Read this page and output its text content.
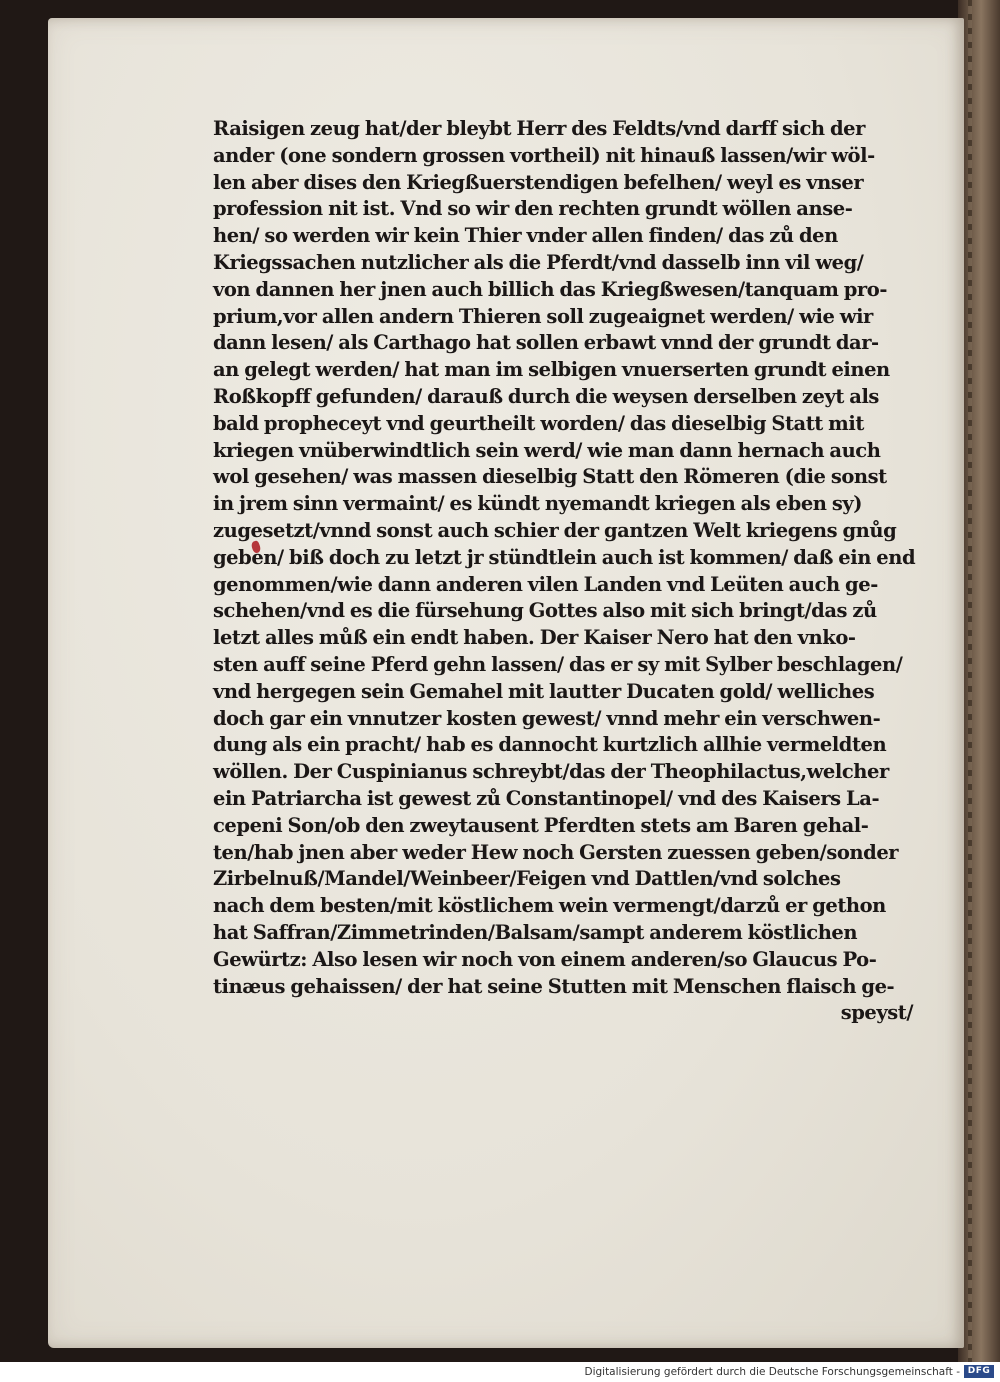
Raisigen zeug hat/der bleybt Herr des Feldts/vnd darff sich der
ander (one sondern grossen vortheil) nit hinauß lassen/wir wöl-
len aber dises den Kriegßuerstendigen befelhen/ weyl es vnser
profession nit ist. Vnd so wir den rechten grundt wöllen anse-
hen/ so werden wir kein Thier vnder allen finden/ das zů den
Kriegssachen nutzlicher als die Pferdt/vnd dasselb inn vil weg/
von dannen her jnen auch billich das Kriegßwesen/tanquam pro-
prium,vor allen andern Thieren soll zugeaignet werden/ wie wir
dann lesen/ als Carthago hat sollen erbawt vnnd der grundt dar-
an gelegt werden/ hat man im selbigen vnuerserten grundt einen
Roßkopff gefunden/ darauß durch die weysen derselben zeyt als
bald propheceyt vnd geurtheilt worden/ das dieselbig Statt mit
kriegen vnüberwindtlich sein werd/ wie man dann hernach auch
wol gesehen/ was massen dieselbig Statt den Römeren (die sonst
in jrem sinn vermaint/ es kündt nyemandt kriegen als eben sy)
zugesetzt/vnnd sonst auch schier der gantzen Welt kriegens gnůg
geben/ biß doch zu letzt jr stündtlein auch ist kommen/ daß ein end
genommen/wie dann anderen vilen Landen vnd Leüten auch ge-
schehen/vnd es die fürsehung Gottes also mit sich bringt/das zů
letzt alles můß ein endt haben. Der Kaiser Nero hat den vnko-
sten auff seine Pferd gehn lassen/ das er sy mit Sylber beschlagen/
vnd hergegen sein Gemahel mit lautter Ducaten gold/ welliches
doch gar ein vnnutzer kosten gewest/ vnnd mehr ein verschwen-
dung als ein pracht/ hab es dannocht kurtzlich allhie vermeldten
wöllen. Der Cuspinianus schreybt/das der Theophilactus,welcher
ein Patriarcha ist gewest zů Constantinopel/ vnd des Kaisers La-
cepeni Son/ob den zweytausent Pferdten stets am Baren gehal-
ten/hab jnen aber weder Hew noch Gersten zuessen geben/sonder
Zirbelnuß/Mandel/Weinbeer/Feigen vnd Dattlen/vnd solches
nach dem besten/mit köstlichem wein vermengt/darzů er gethon
hat Saffran/Zimmetrinden/Balsam/sampt anderem köstlichen
Gewürtz: Also lesen wir noch von einem anderen/so Glaucus Po-
tinæus gehaissen/ der hat seine Stutten mit Menschen flaisch ge-
speyst/
Digitalisierung gefördert durch die Deutsche Forschungsgemeinschaft - DFG
